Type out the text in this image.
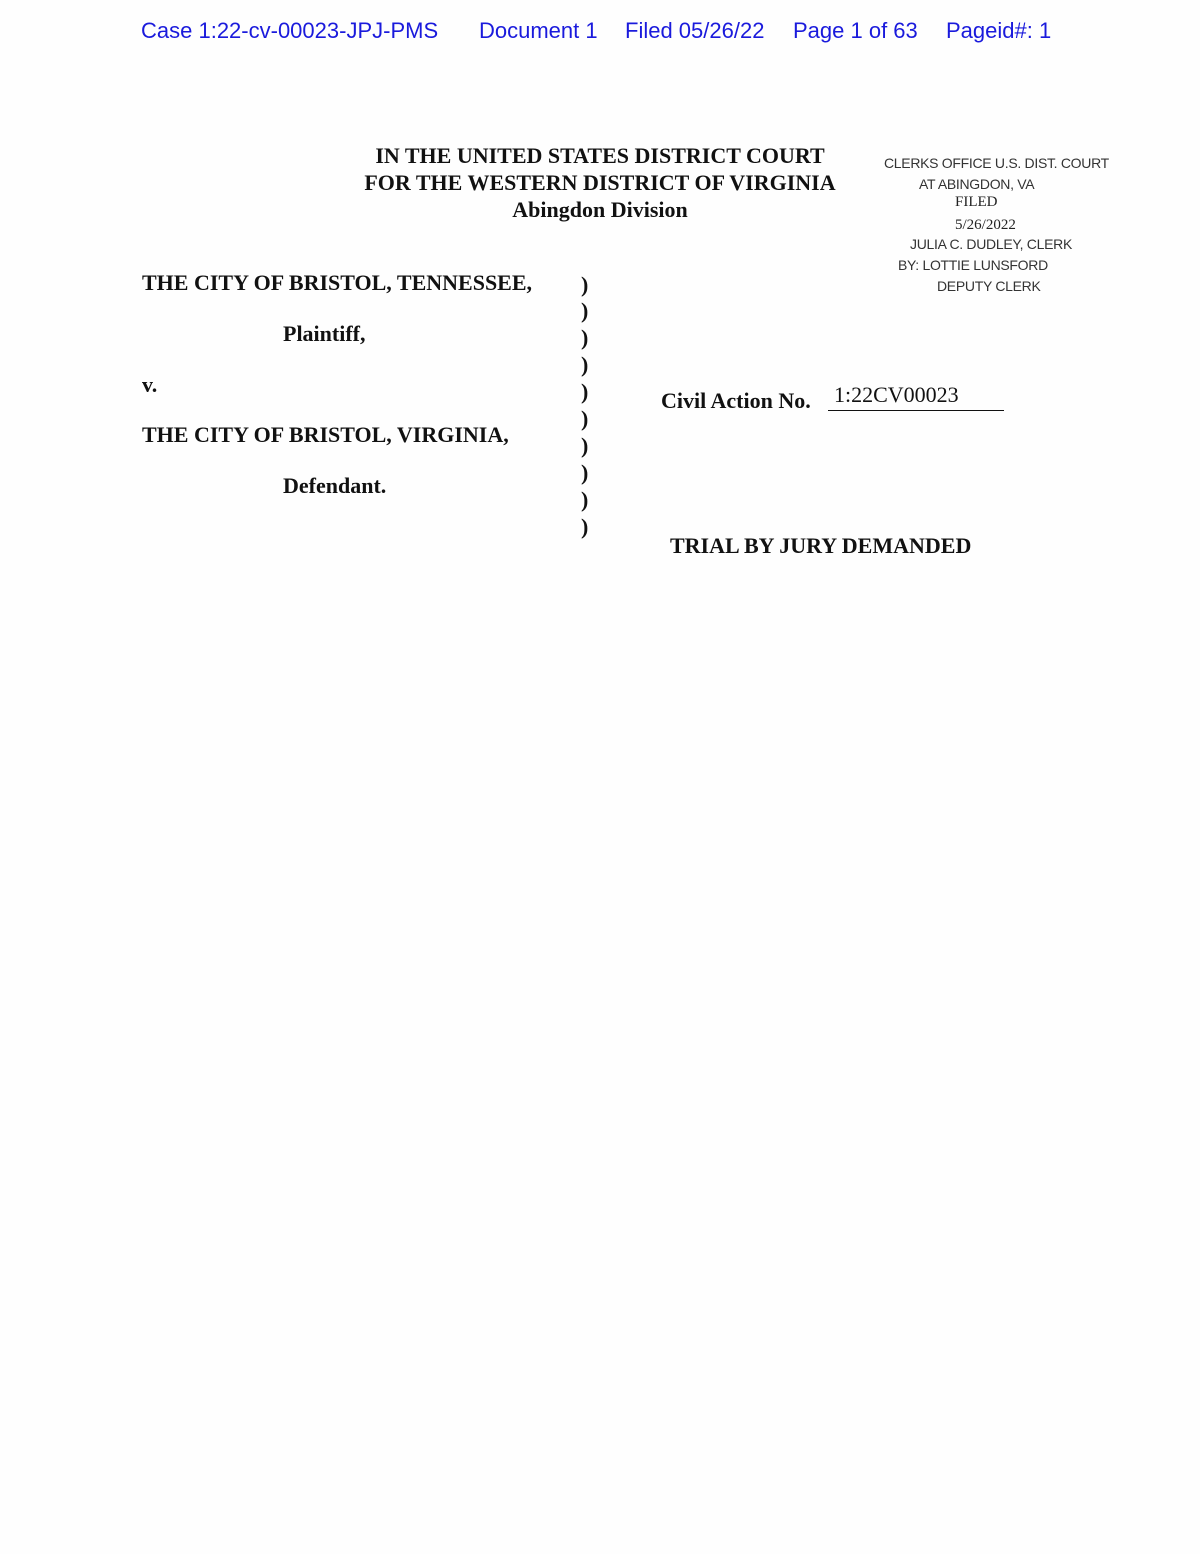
Case 1:22-cv-00023-JPJ-PMS Document 1 Filed 05/26/22 Page 1 of 63 Pageid#: 1
IN THE UNITED STATES DISTRICT COURT
FOR THE WESTERN DISTRICT OF VIRGINIA
Abingdon Division
CLERKS OFFICE U.S. DIST. COURT
AT ABINGDON, VA
FILED
5/26/2022
JULIA C. DUDLEY, CLERK
BY: LOTTIE LUNSFORD
DEPUTY CLERK
THE CITY OF BRISTOL, TENNESSEE,
Plaintiff,
v.
THE CITY OF BRISTOL, VIRGINIA,
Defendant.
)
)
)
)
)
)
)
)
)
)
Civil Action No. 1:22CV00023
TRIAL BY JURY DEMANDED
